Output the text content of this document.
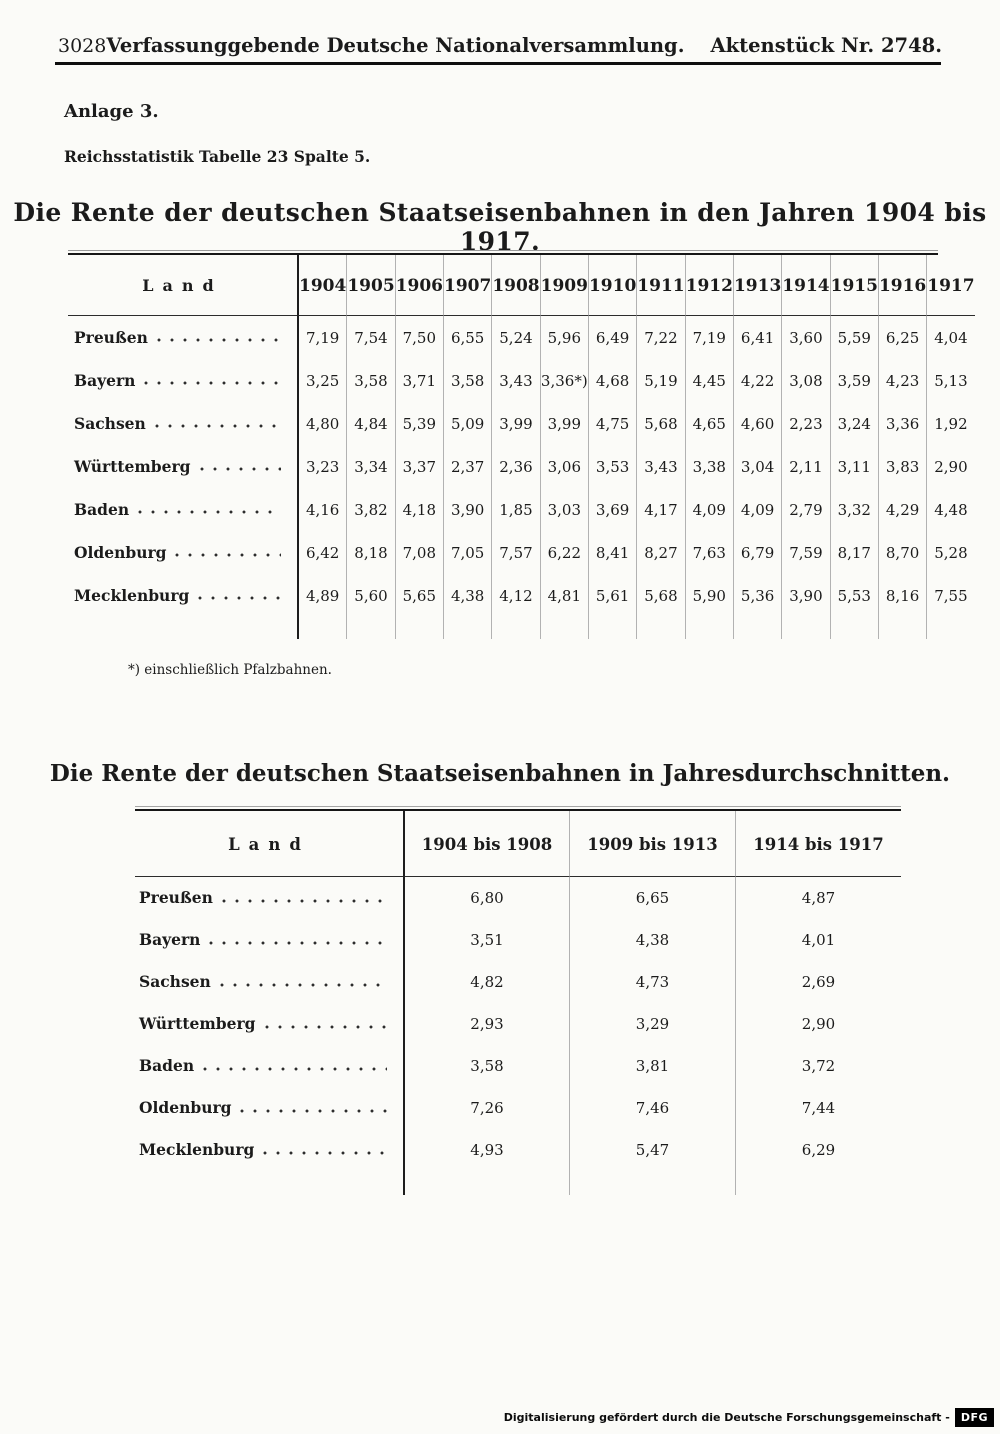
3028 Verfassunggebende Deutsche Nationalversammlung. Aktenstück Nr. 2748.
Anlage 3.
Reichsstatistik Tabelle 23 Spalte 5.
Die Rente der deutschen Staatseisenbahnen in den Jahren 1904 bis 1917.
Land	1904 1905 1906 1907 1908 1909 1910 1911 1912 1913 1914 1915 1916 1917
Preußen	7,19 7,54 7,50 6,55 5,24 5,96 6,49 7,22 7,19 6,41 3,60 5,59 6,25 4,04
Bayern	3,25 3,58 3,71 3,58 3,43 3,36*) 4,68 5,19 4,45 4,22 3,08 3,59 4,23 5,13
Sachsen	4,80 4,84 5,39 5,09 3,99 3,99 4,75 5,68 4,65 4,60 2,23 3,24 3,36 1,92
Württemberg	3,23 3,34 3,37 2,37 2,36 3,06 3,53 3,43 3,38 3,04 2,11 3,11 3,83 2,90
Baden	4,16 3,82 4,18 3,90 1,85 3,03 3,69 4,17 4,09 4,09 2,79 3,32 4,29 4,48
Oldenburg	6,42 8,18 7,08 7,05 7,57 6,22 8,41 8,27 7,63 6,79 7,59 8,17 8,70 5,28
Mecklenburg	4,89 5,60 5,65 4,38 4,12 4,81 5,61 5,68 5,90 5,36 3,90 5,53 8,16 7,55
*) einschließlich Pfalzbahnen.
Die Rente der deutschen Staatseisenbahnen in Jahresdurchschnitten.
Land	1904 bis 1908	1909 bis 1913	1914 bis 1917
Preußen	6,80	6,65	4,87
Bayern	3,51	4,38	4,01
Sachsen	4,82	4,73	2,69
Württemberg	2,93	3,29	2,90
Baden	3,58	3,81	3,72
Oldenburg	7,26	7,46	7,44
Mecklenburg	4,93	5,47	6,29
Digitalisierung gefördert durch die Deutsche Forschungsgemeinschaft -	DFG
